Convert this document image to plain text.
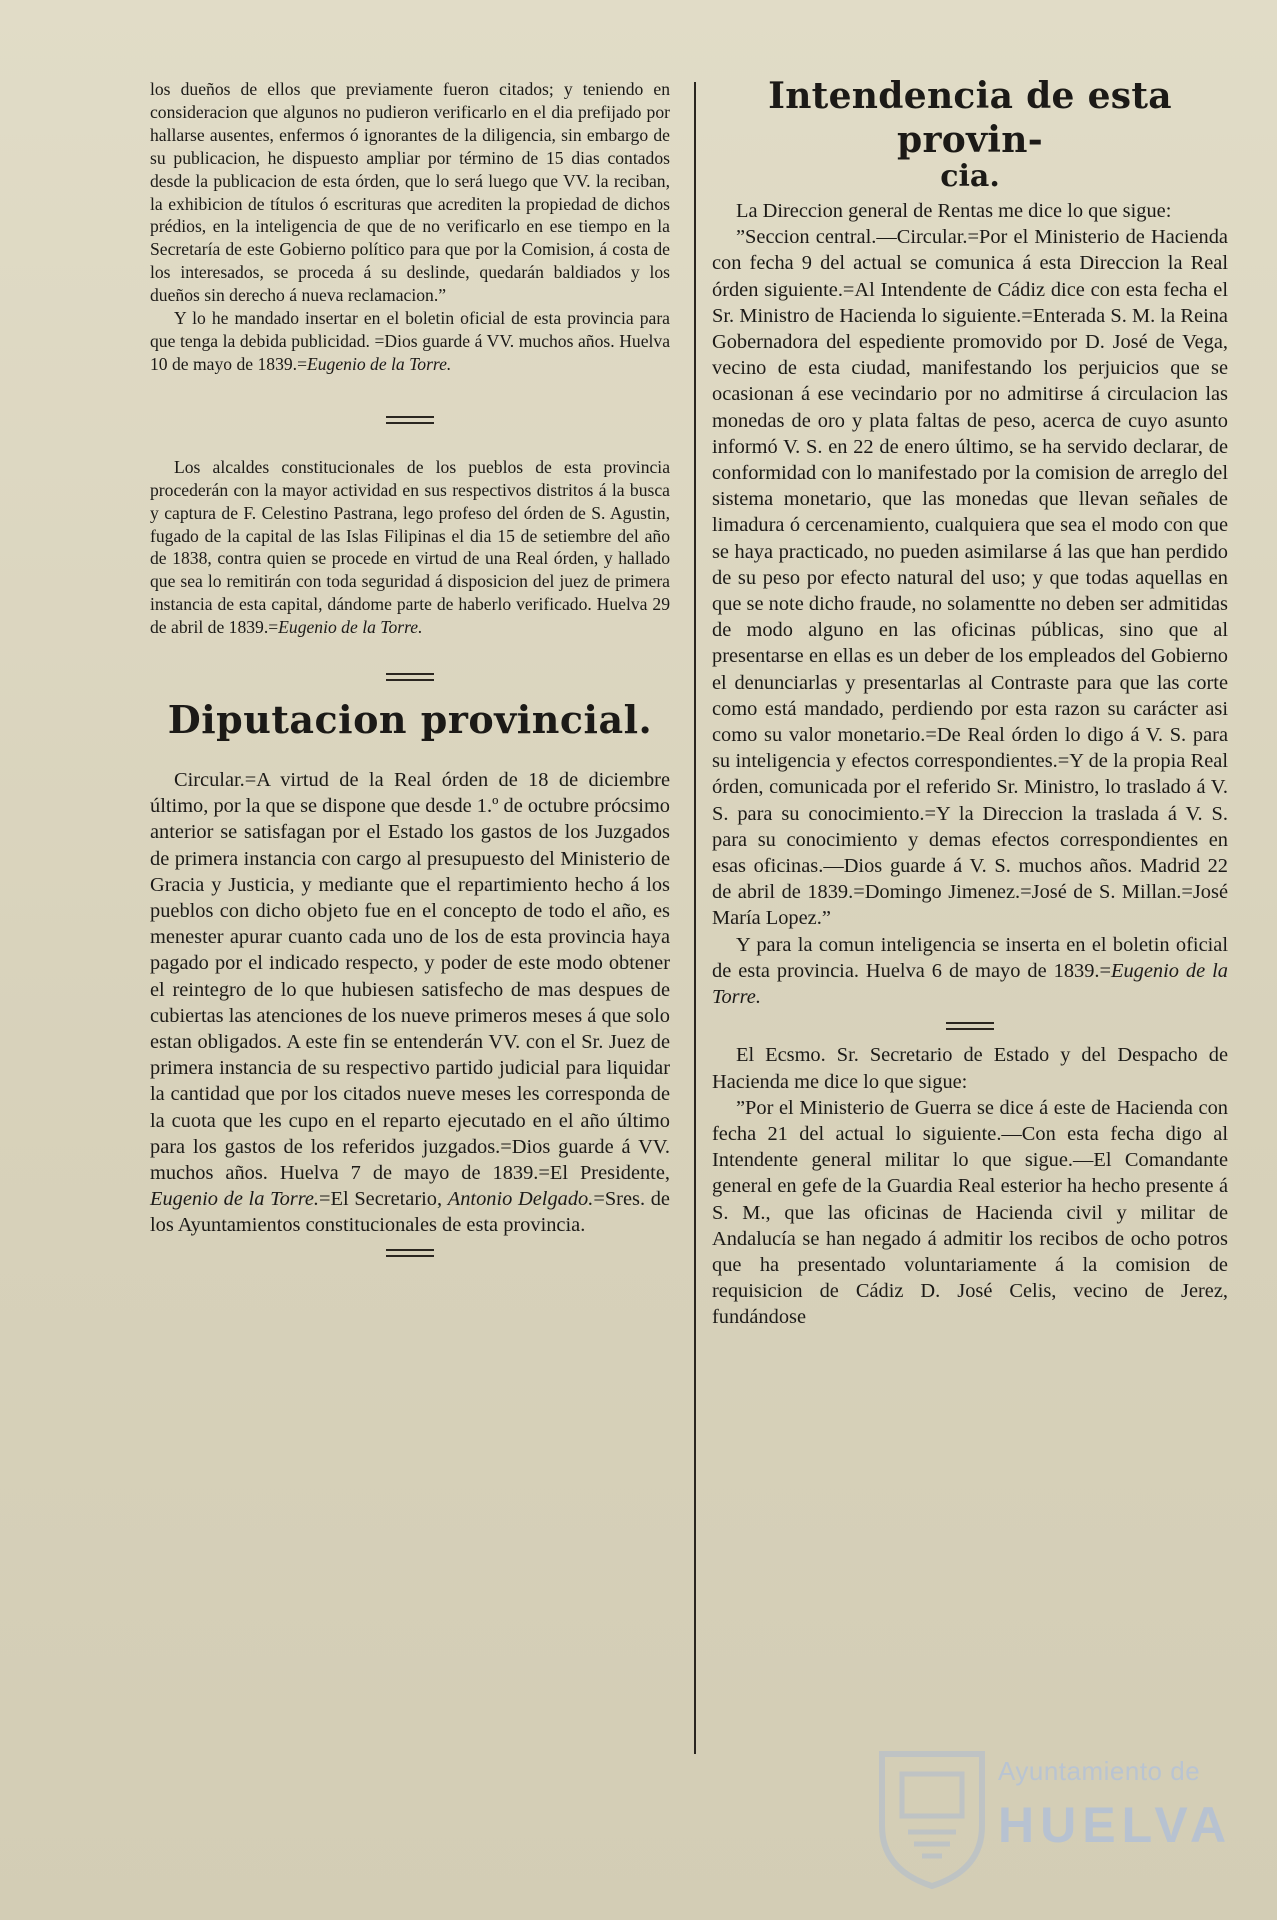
los dueños de ellos que previamente fueron citados; y teniendo en consideracion que algunos no pudieron verificarlo en el dia prefijado por hallarse ausentes, enfermos ó ignorantes de la diligencia, sin embargo de su publicacion, he dispuesto ampliar por término de 15 dias contados desde la publicacion de esta órden, que lo será luego que VV. la reciban, la exhibicion de títulos ó escrituras que acrediten la propiedad de dichos prédios, en la inteligencia de que de no verificarlo en ese tiempo en la Secretaría de este Gobierno político para que por la Comision, á costa de los interesados, se proceda á su deslinde, quedarán baldiados y los dueños sin derecho á nueva reclamacion.”

Y lo he mandado insertar en el boletin oficial de esta provincia para que tenga la debida publicidad. =Dios guarde á VV. muchos años. Huelva 10 de mayo de 1839.=Eugenio de la Torre.

Los alcaldes constitucionales de los pueblos de esta provincia procederán con la mayor actividad en sus respectivos distritos á la busca y captura de F. Celestino Pastrana, lego profeso del órden de S. Agustin, fugado de la capital de las Islas Filipinas el dia 15 de setiembre del año de 1838, contra quien se procede en virtud de una Real órden, y hallado que sea lo remitirán con toda seguridad á disposicion del juez de primera instancia de esta capital, dándome parte de haberlo verificado. Huelva 29 de abril de 1839.=Eugenio de la Torre.

Diputacion provincial.

Circular.=A virtud de la Real órden de 18 de diciembre último, por la que se dispone que desde 1.º de octubre prócsimo anterior se satisfagan por el Estado los gastos de los Juzgados de primera instancia con cargo al presupuesto del Ministerio de Gracia y Justicia, y mediante que el repartimiento hecho á los pueblos con dicho objeto fue en el concepto de todo el año, es menester apurar cuanto cada uno de los de esta provincia haya pagado por el indicado respecto, y poder de este modo obtener el reintegro de lo que hubiesen satisfecho de mas despues de cubiertas las atenciones de los nueve primeros meses á que solo estan obligados. A este fin se entenderán VV. con el Sr. Juez de primera instancia de su respectivo partido judicial para liquidar la cantidad que por los citados nueve meses les corresponda de la cuota que les cupo en el reparto ejecutado en el año último para los gastos de los referidos juzgados.=Dios guarde á VV. muchos años. Huelva 7 de mayo de 1839.=El Presidente, Eugenio de la Torre.=El Secretario, Antonio Delgado.=Sres. de los Ayuntamientos constitucionales de esta provincia.

Intendencia de esta provin-
cia.

La Direccion general de Rentas me dice lo que sigue:

”Seccion central.—Circular.=Por el Ministerio de Hacienda con fecha 9 del actual se comunica á esta Direccion la Real órden siguiente.=Al Intendente de Cádiz dice con esta fecha el Sr. Ministro de Hacienda lo siguiente.=Enterada S. M. la Reina Gobernadora del espediente promovido por D. José de Vega, vecino de esta ciudad, manifestando los perjuicios que se ocasionan á ese vecindario por no admitirse á circulacion las monedas de oro y plata faltas de peso, acerca de cuyo asunto informó V. S. en 22 de enero último, se ha servido declarar, de conformidad con lo manifestado por la comision de arreglo del sistema monetario, que las monedas que llevan señales de limadura ó cercenamiento, cualquiera que sea el modo con que se haya practicado, no pueden asimilarse á las que han perdido de su peso por efecto natural del uso; y que todas aquellas en que se note dicho fraude, no solamentte no deben ser admitidas de modo alguno en las oficinas públicas, sino que al presentarse en ellas es un deber de los empleados del Gobierno el denunciarlas y presentarlas al Contraste para que las corte como está mandado, perdiendo por esta razon su carácter asi como su valor monetario.=De Real órden lo digo á V. S. para su inteligencia y efectos correspondientes.=Y de la propia Real órden, comunicada por el referido Sr. Ministro, lo traslado á V. S. para su conocimiento.=Y la Direccion la traslada á V. S. para su conocimiento y demas efectos correspondientes en esas oficinas.—Dios guarde á V. S. muchos años. Madrid 22 de abril de 1839.=Domingo Jimenez.=José de S. Millan.=José María Lopez.”

Y para la comun inteligencia se inserta en el boletin oficial de esta provincia. Huelva 6 de mayo de 1839.=Eugenio de la Torre.

El Ecsmo. Sr. Secretario de Estado y del Despacho de Hacienda me dice lo que sigue:

”Por el Ministerio de Guerra se dice á este de Hacienda con fecha 21 del actual lo siguiente.—Con esta fecha digo al Intendente general militar lo que sigue.—El Comandante general en gefe de la Guardia Real esterior ha hecho presente á S. M., que las oficinas de Hacienda civil y militar de Andalucía se han negado á admitir los recibos de ocho potros que ha presentado voluntariamente á la comision de requisicion de Cádiz D. José Celis, vecino de Jerez, fundándose

Ayuntamiento de
HUELVA
